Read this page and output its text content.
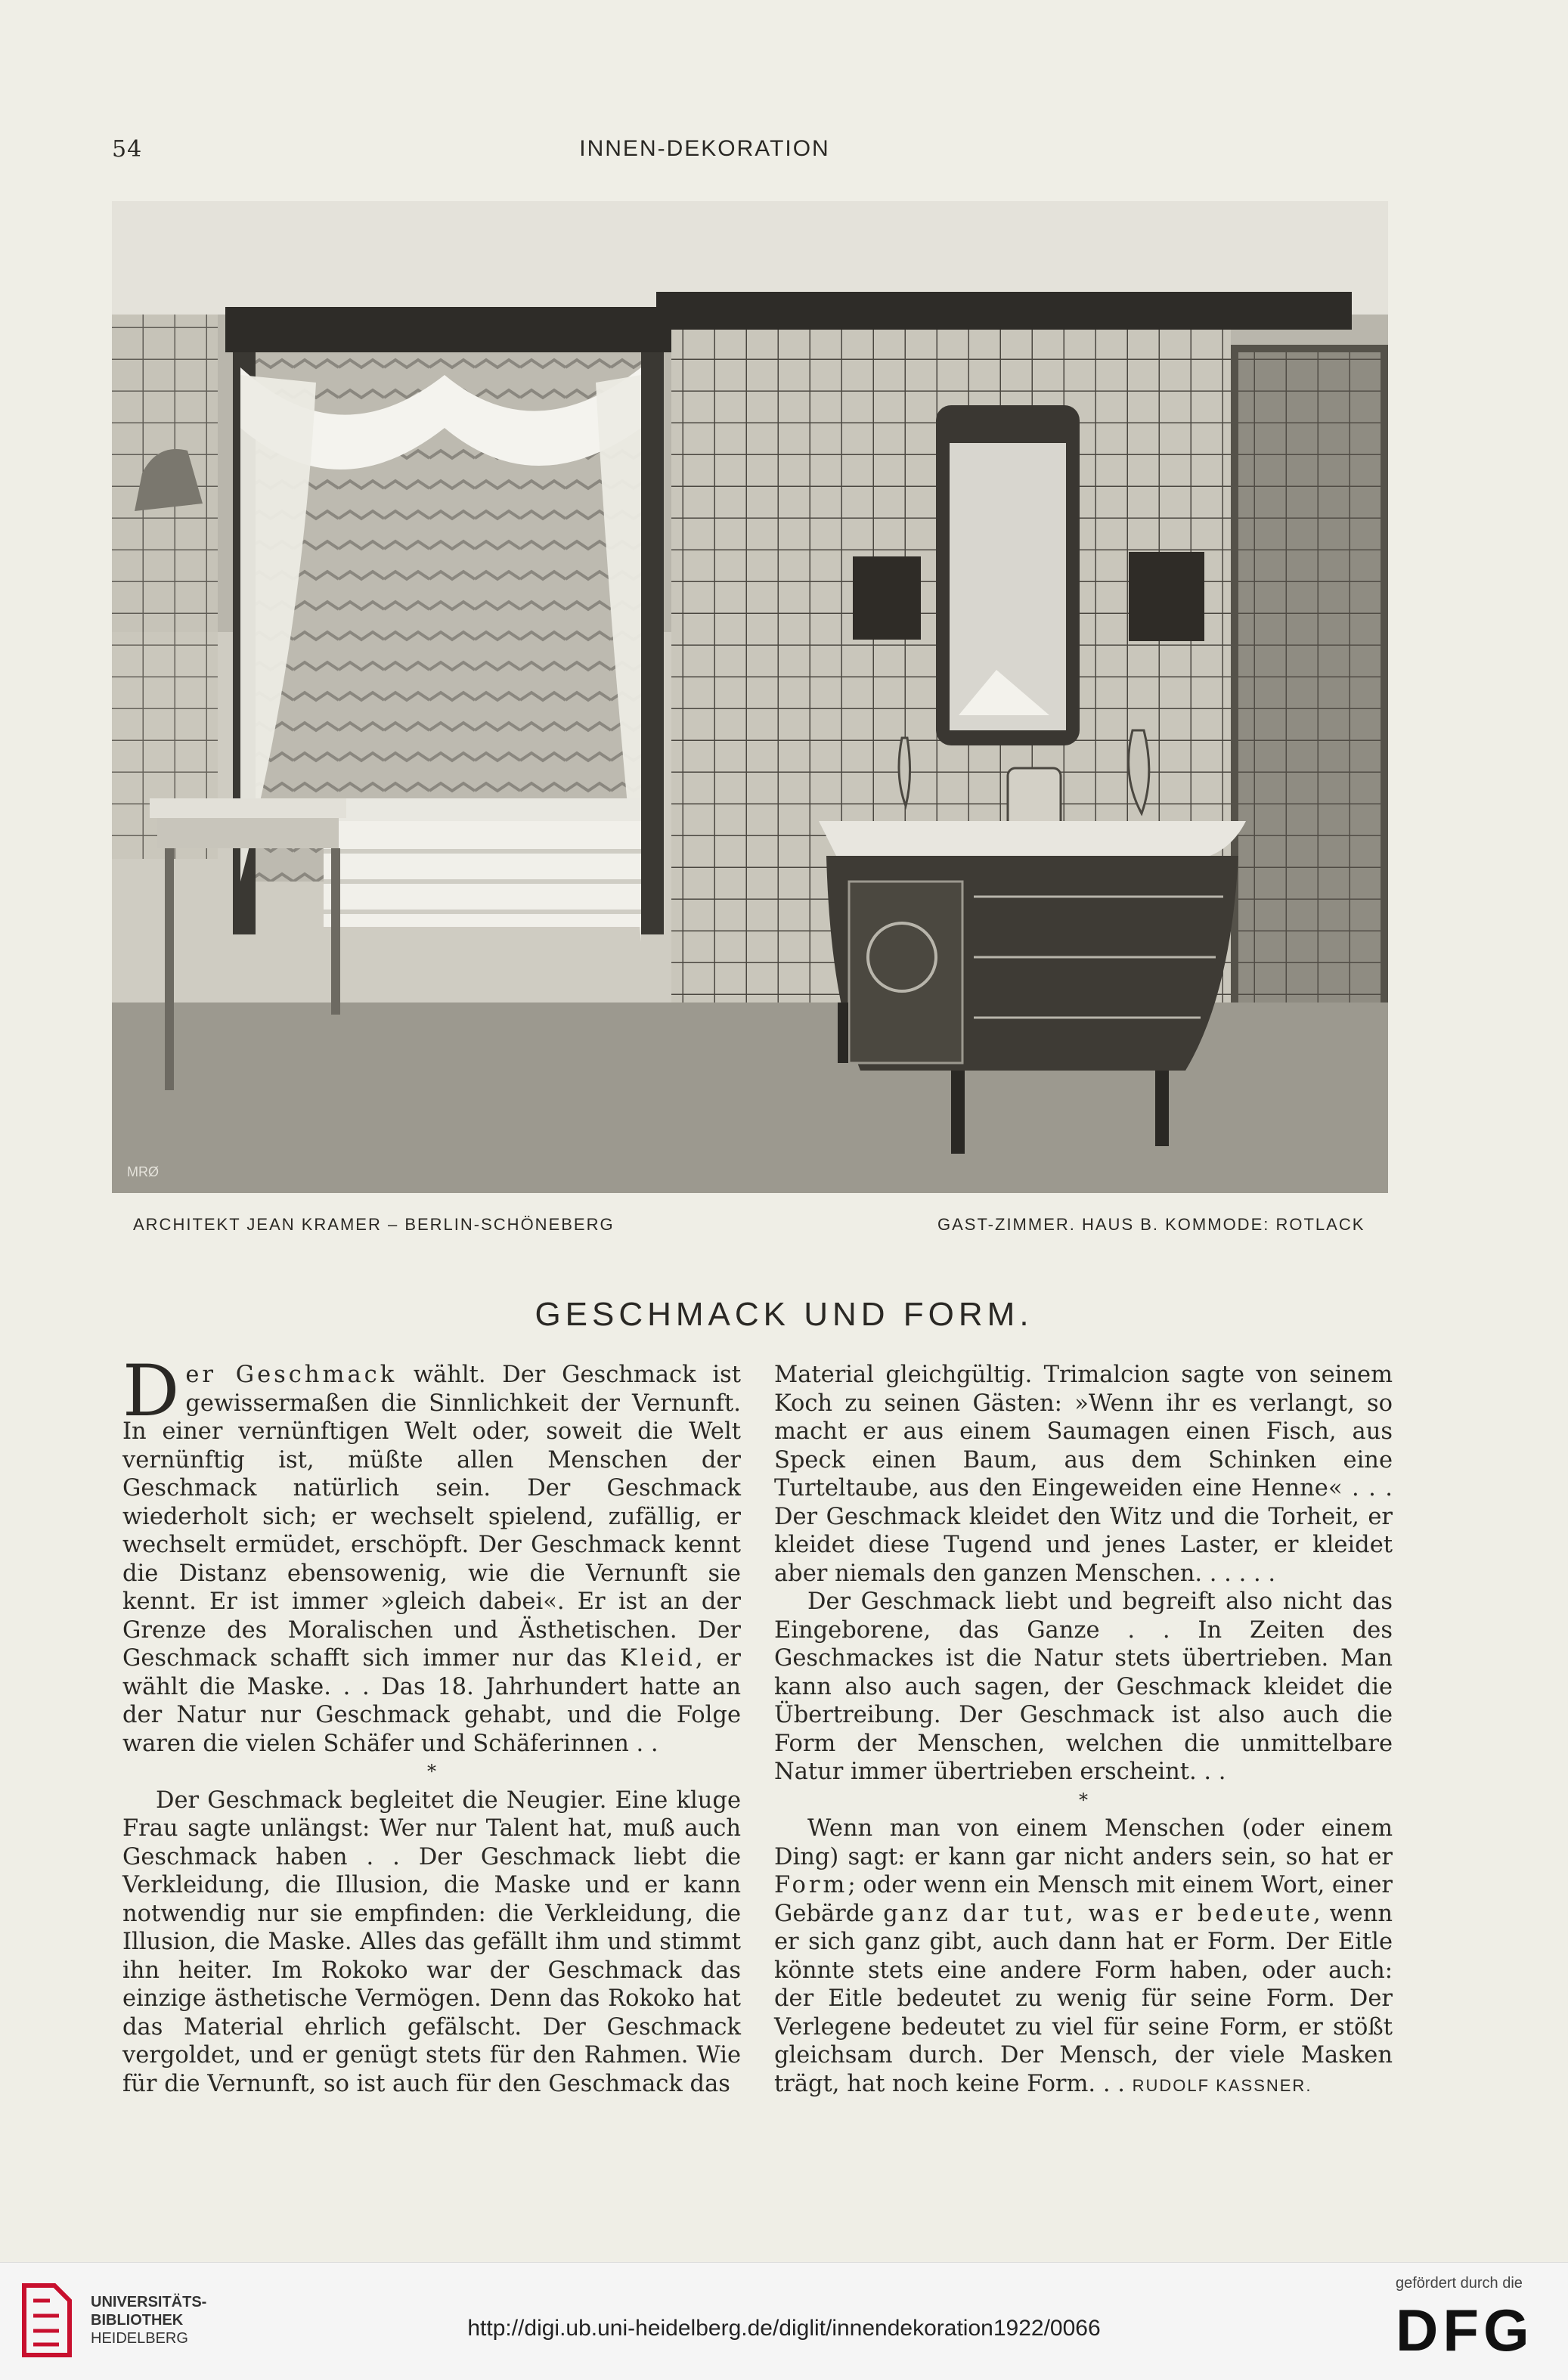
54	INNEN-DEKORATION
MRØ
ARCHITEKT JEAN KRAMER – BERLIN-SCHÖNEBERG	GAST-ZIMMER. HAUS B. KOMMODE: ROTLACK
GESCHMACK UND FORM.

Der Geschmack wählt. Der Geschmack ist gewissermaßen die Sinnlichkeit der Vernunft. In einer vernünftigen Welt oder, soweit die Welt vernünftig ist, müßte allen Menschen der Geschmack natürlich sein. Der Geschmack wiederholt sich; er wechselt spielend, zufällig, er wechselt ermüdet, erschöpft. Der Geschmack kennt die Distanz ebensowenig, wie die Vernunft sie kennt. Er ist immer »gleich dabei«. Er ist an der Grenze des Moralischen und Ästhetischen. Der Geschmack schafft sich immer nur das Kleid, er wählt die Maske. . . Das 18. Jahrhundert hatte an der Natur nur Geschmack gehabt, und die Folge waren die vielen Schäfer und Schäferinnen . .

*

Der Geschmack begleitet die Neugier. Eine kluge Frau sagte unlängst: Wer nur Talent hat, muß auch Geschmack haben . . Der Geschmack liebt die Verkleidung, die Illusion, die Maske und er kann notwendig nur sie empfinden: die Verkleidung, die Illusion, die Maske. Alles das gefällt ihm und stimmt ihn heiter. Im Rokoko war der Geschmack das einzige ästhetische Vermögen. Denn das Rokoko hat das Material ehrlich gefälscht. Der Geschmack vergoldet, und er genügt stets für den Rahmen. Wie für die Vernunft, so ist auch für den Geschmack das

Material gleichgültig. Trimalcion sagte von seinem Koch zu seinen Gästen: »Wenn ihr es verlangt, so macht er aus einem Saumagen einen Fisch, aus Speck einen Baum, aus dem Schinken eine Turteltaube, aus den Eingeweiden eine Henne« . . . Der Geschmack kleidet den Witz und die Torheit, er kleidet diese Tugend und jenes Laster, er kleidet aber niemals den ganzen Menschen. . . . . .

Der Geschmack liebt und begreift also nicht das Eingeborene, das Ganze . . In Zeiten des Geschmackes ist die Natur stets übertrieben. Man kann also auch sagen, der Geschmack kleidet die Übertreibung. Der Geschmack ist also auch die Form der Menschen, welchen die unmittelbare Natur immer übertrieben erscheint. . .

*

Wenn man von einem Menschen (oder einem Ding) sagt: er kann gar nicht anders sein, so hat er Form; oder wenn ein Mensch mit einem Wort, einer Gebärde ganz dar tut, was er bedeute, wenn er sich ganz gibt, auch dann hat er Form. Der Eitle könnte stets eine andere Form haben, oder auch: der Eitle bedeutet zu wenig für seine Form. Der Verlegene bedeutet zu viel für seine Form, er stößt gleichsam durch. Der Mensch, der viele Masken trägt, hat noch keine Form. . . RUDOLF KASSNER.

UNIVERSITÄTS-
BIBLIOTHEK
HEIDELBERG	http://digi.ub.uni-heidelberg.de/diglit/innendekoration1922/0066
gefördert durch die
DFG
